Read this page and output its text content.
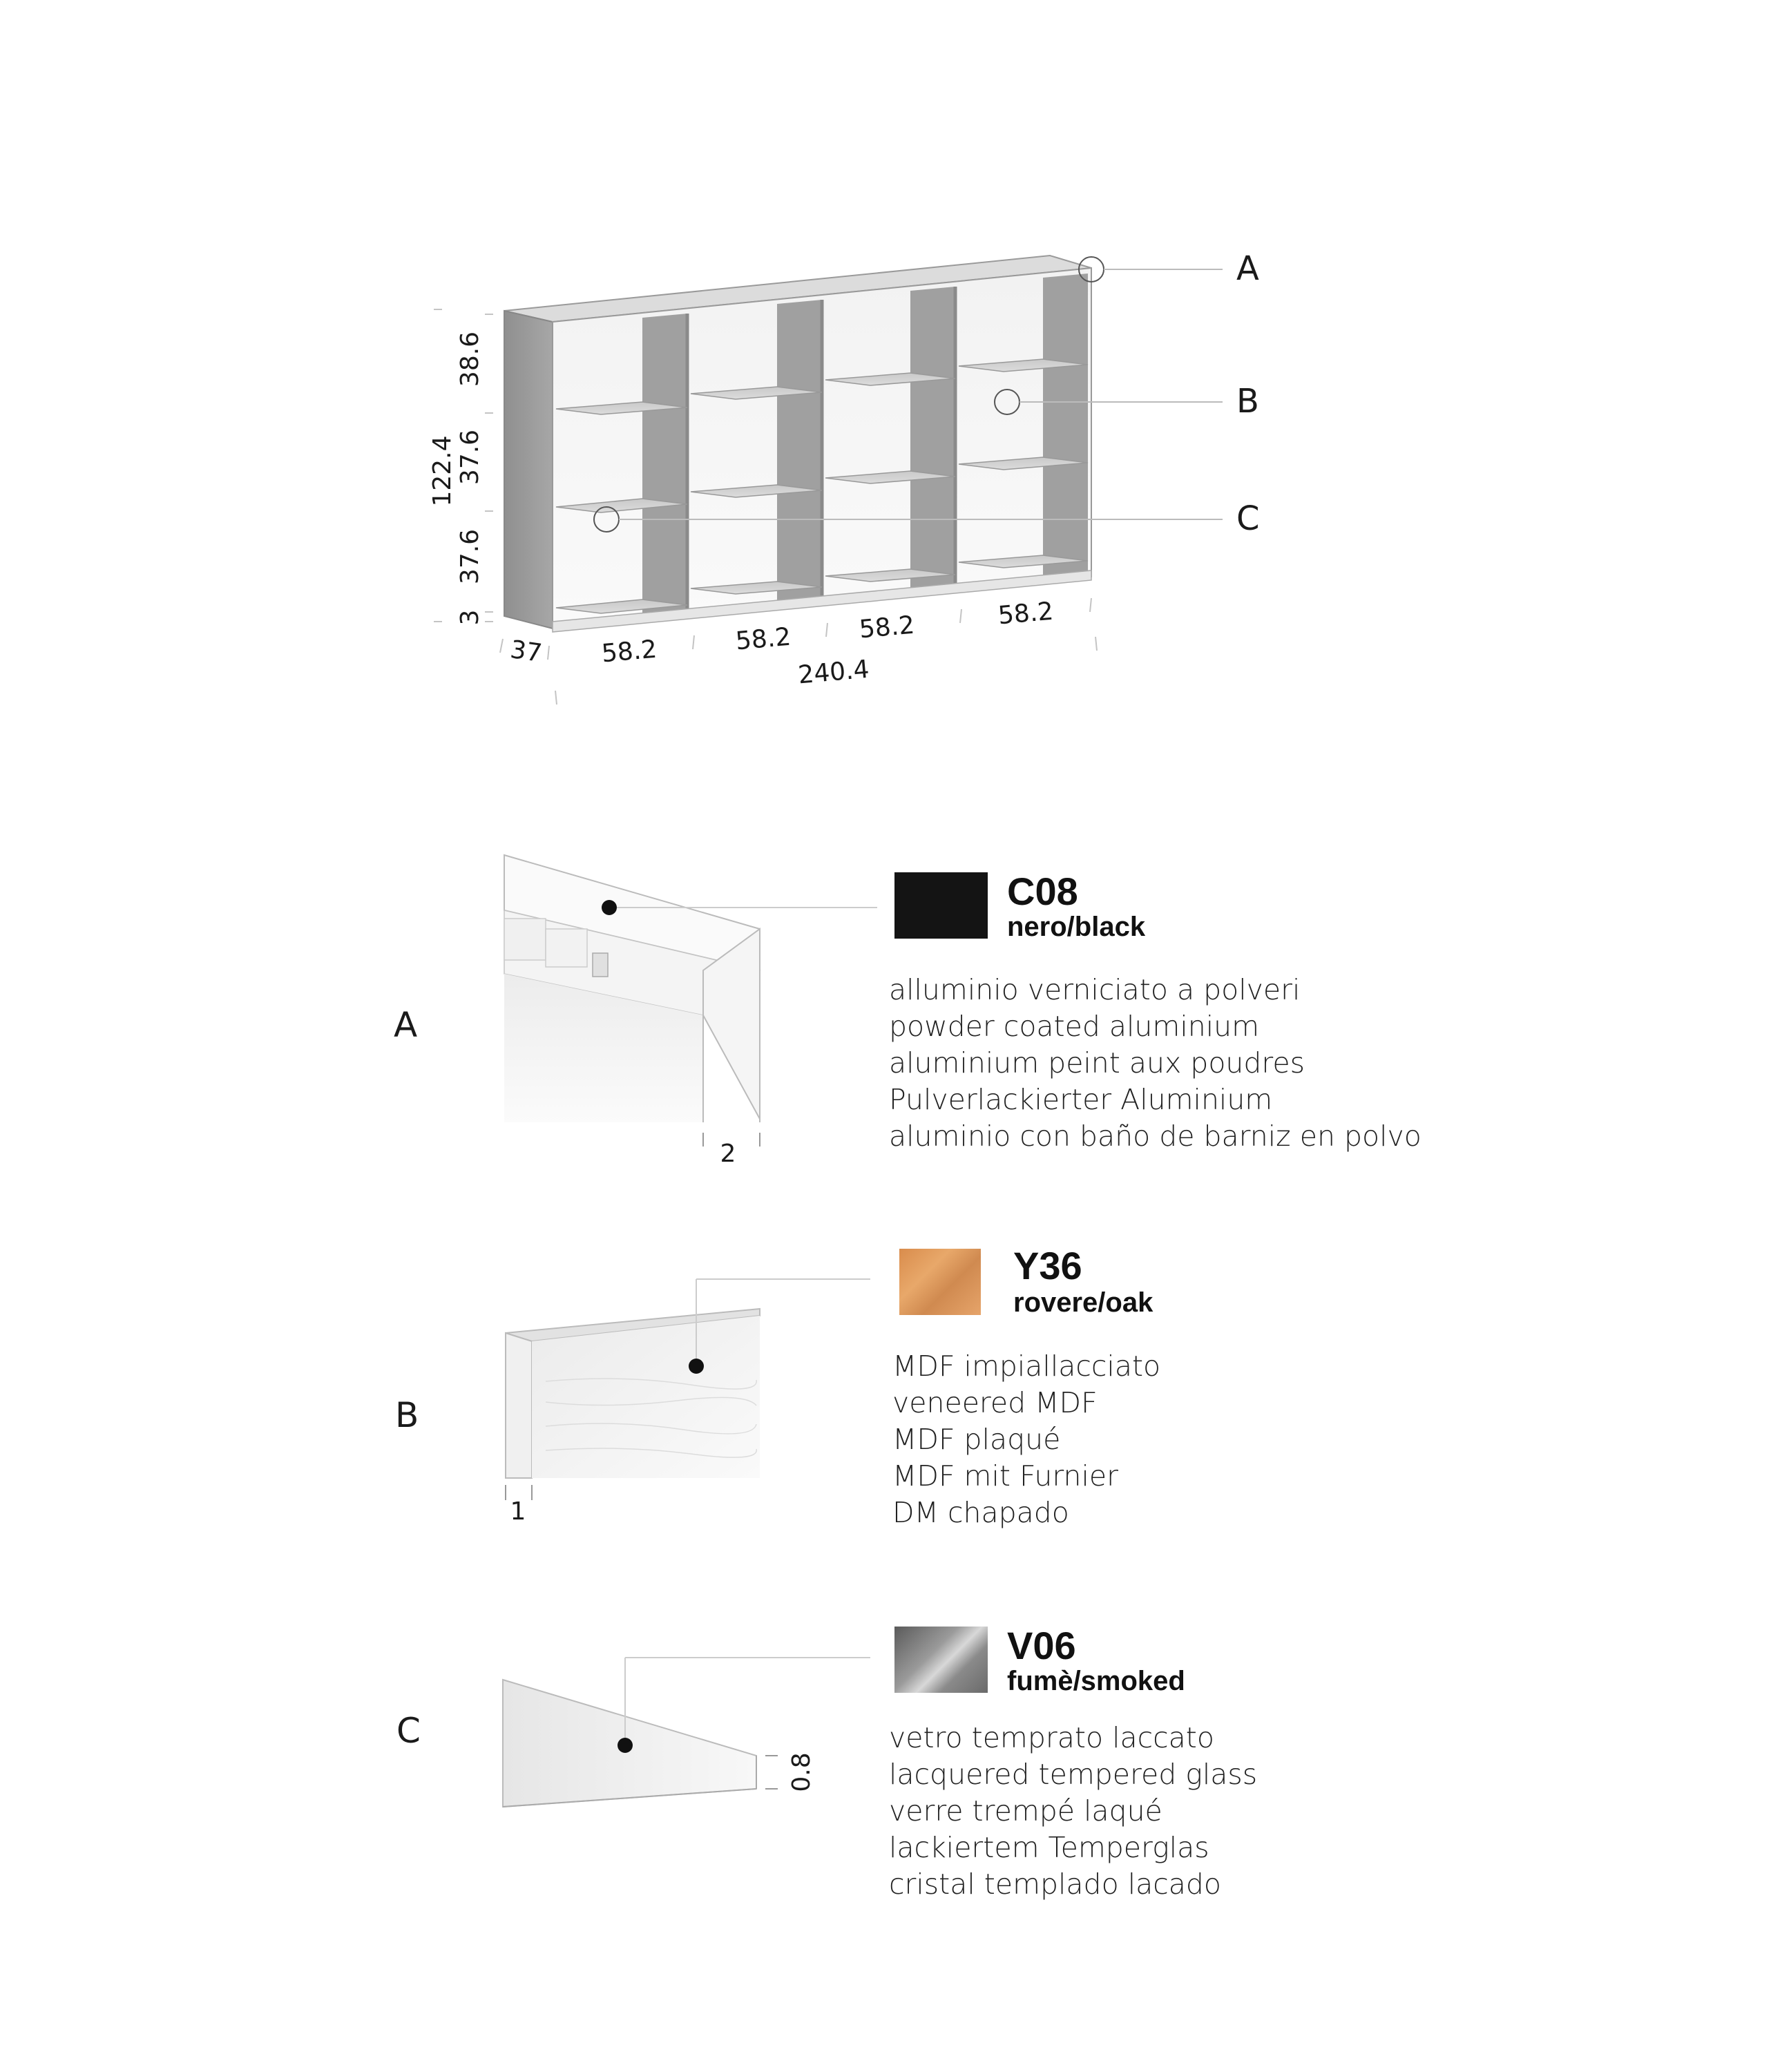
A
B
C
122.4
38.6
37.6
37.6
3
37 58.2	58.2	58.2	58.2
240.4
A
2
C08
nero/black
alluminio verniciato a polveri
powder coated aluminium
aluminium peint aux poudres
Pulverlackierter Aluminium
aluminio con baño de barniz en polvo
B
1
Y36
rovere/oak
MDF impiallacciato
veneered MDF
MDF plaqué
MDF mit Furnier
DM chapado
C
0.8
V06
fumè/smoked
vetro temprato laccato
lacquered tempered glass
verre trempé laqué
lackiertem Temperglas
cristal templado lacado
